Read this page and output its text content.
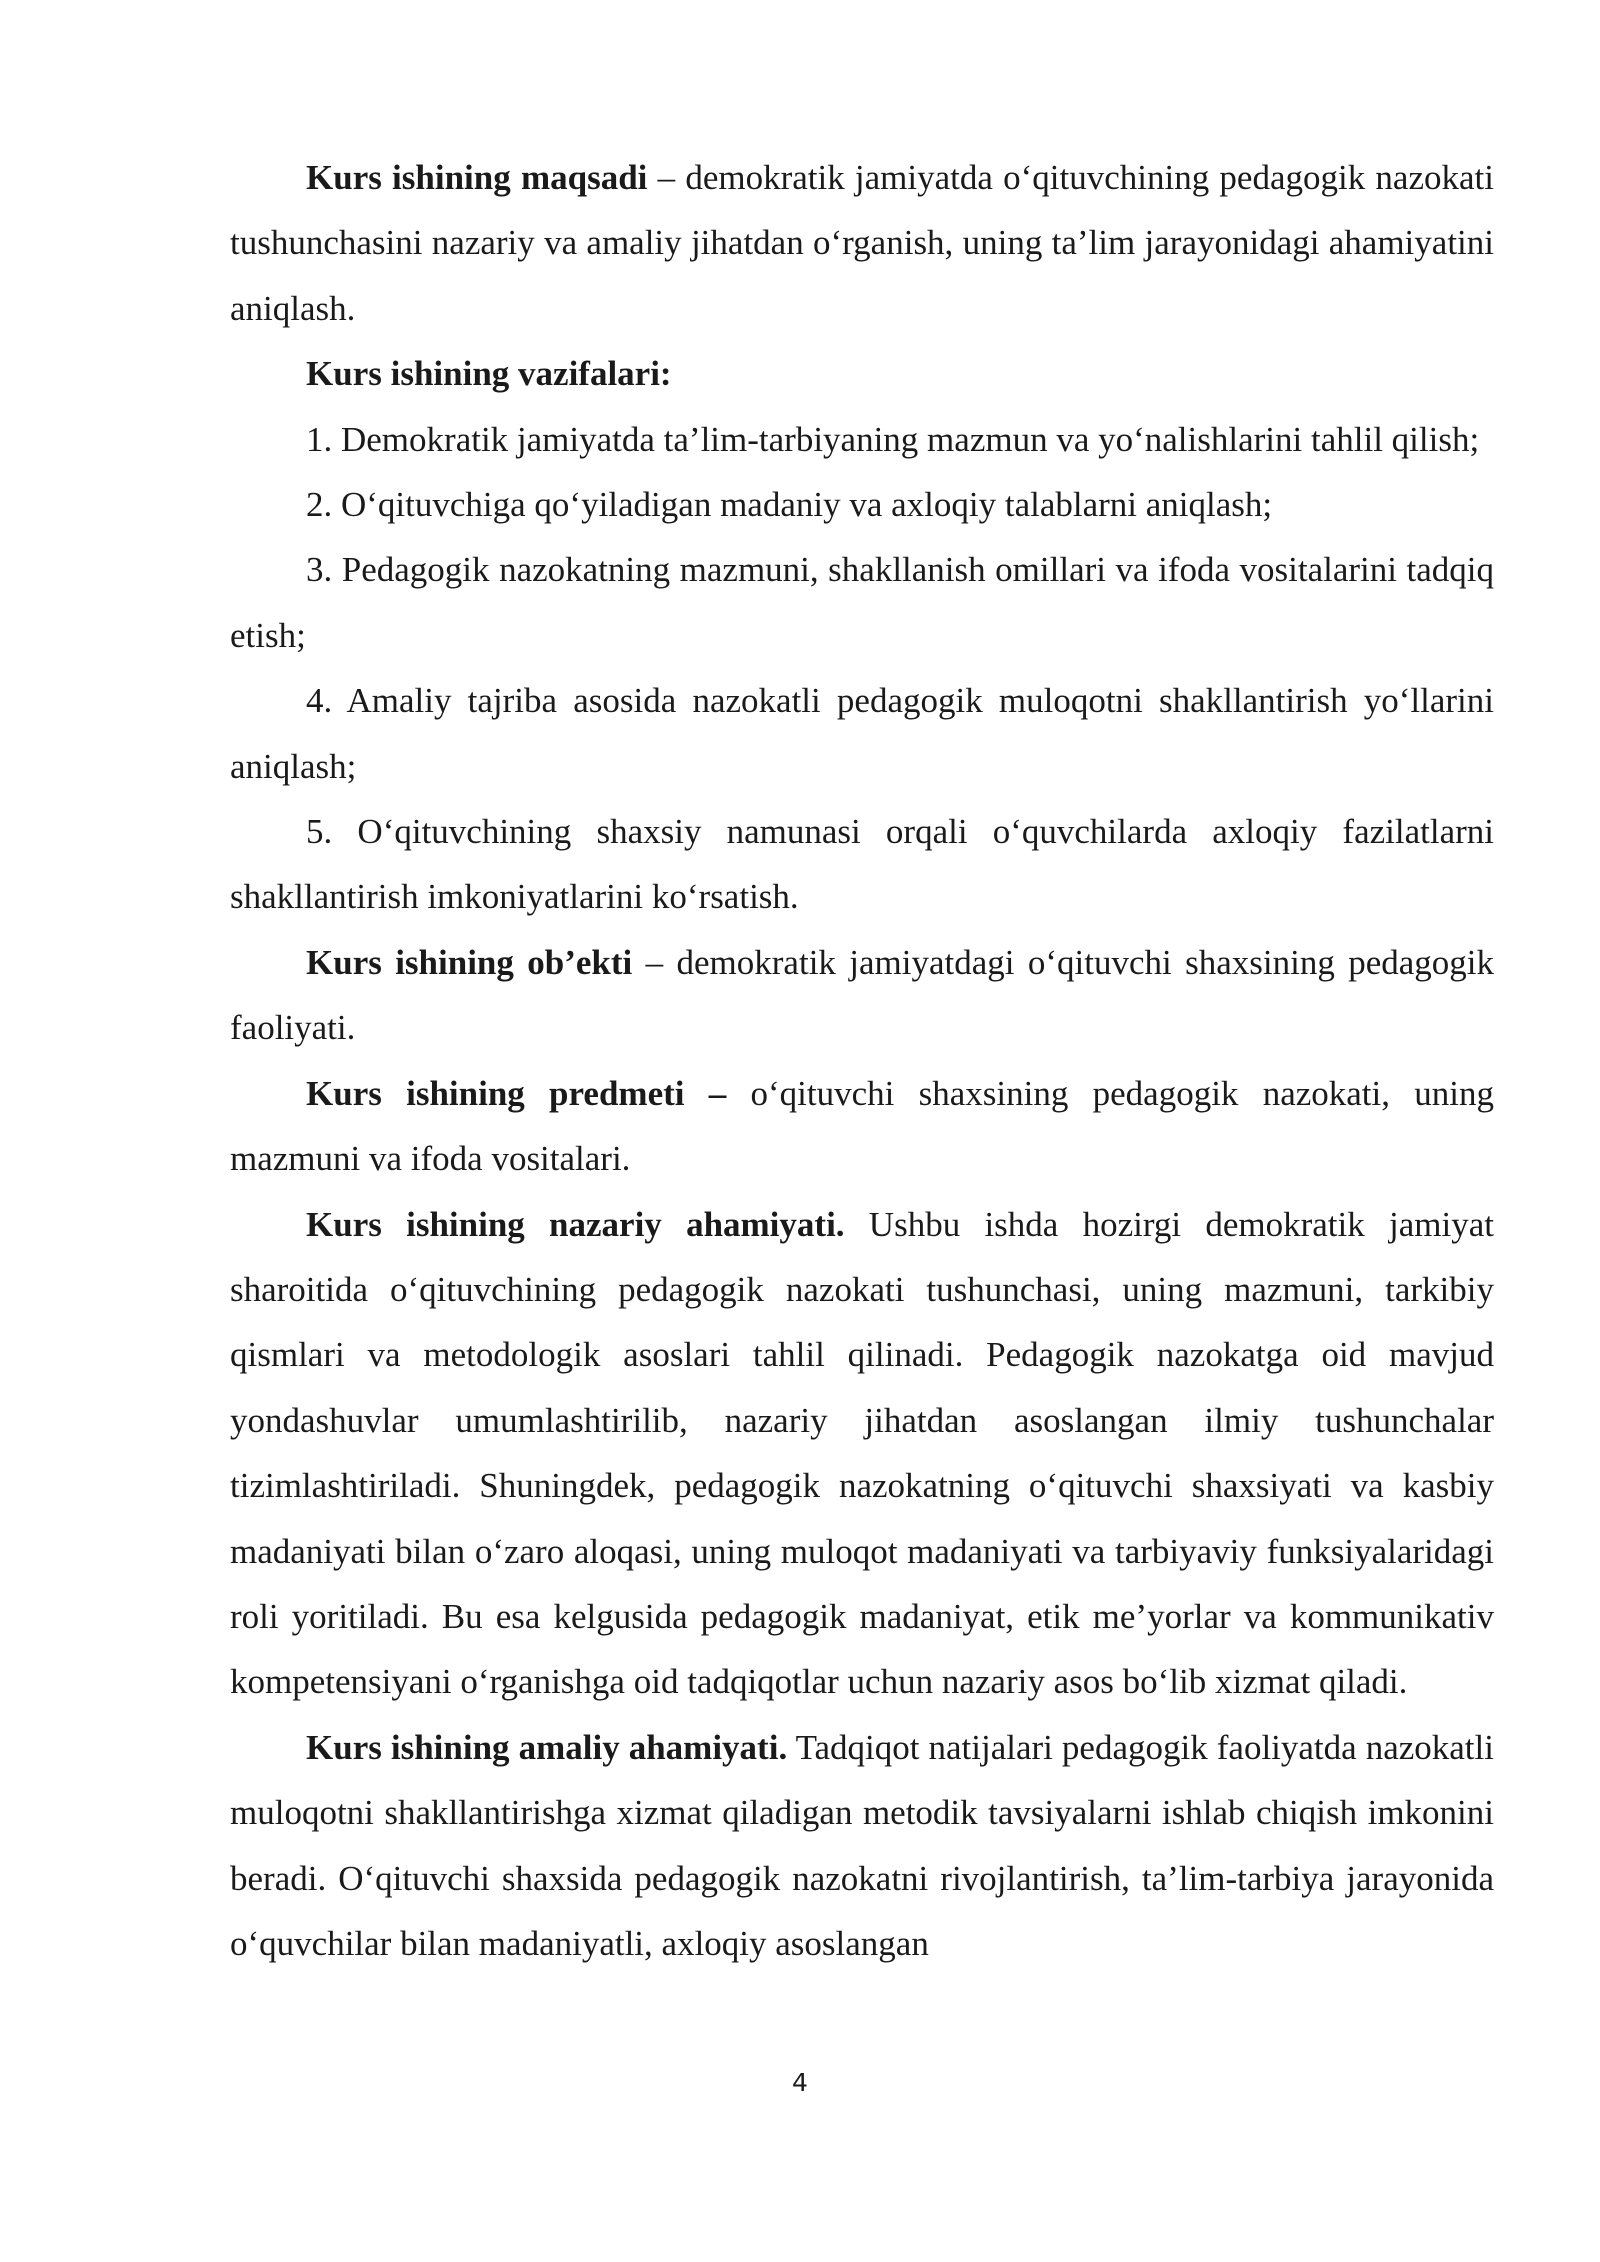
Kurs ishining maqsadi – demokratik jamiyatda o‘qituvchining pedagogik nazokati tushunchasini nazariy va amaliy jihatdan o‘rganish, uning ta’lim jarayonidagi ahamiyatini aniqlash.

Kurs ishining vazifalari:

1. Demokratik jamiyatda ta’lim-tarbiyaning mazmun va yo‘nalishlarini tahlil qilish;

2. O‘qituvchiga qo‘yiladigan madaniy va axloqiy talablarni aniqlash;

3. Pedagogik nazokatning mazmuni, shakllanish omillari va ifoda vositalarini tadqiq etish;

4. Amaliy tajriba asosida nazokatli pedagogik muloqotni shakllantirish yo‘llarini aniqlash;

5. O‘qituvchining shaxsiy namunasi orqali o‘quvchilarda axloqiy fazilatlarni shakllantirish imkoniyatlarini ko‘rsatish.

Kurs ishining ob’ekti – demokratik jamiyatdagi o‘qituvchi shaxsining pedagogik faoliyati.

Kurs ishining predmeti – o‘qituvchi shaxsining pedagogik nazokati, uning mazmuni va ifoda vositalari.

Kurs ishining nazariy ahamiyati. Ushbu ishda hozirgi demokratik jamiyat sharoitida o‘qituvchining pedagogik nazokati tushunchasi, uning mazmuni, tarkibiy qismlari va metodologik asoslari tahlil qilinadi. Pedagogik nazokatga oid mavjud yondashuvlar umumlashtirilib, nazariy jihatdan asoslangan ilmiy tushunchalar tizimlashtiriladi. Shuningdek, pedagogik nazokatning o‘qituvchi shaxsiyati va kasbiy madaniyati bilan o‘zaro aloqasi, uning muloqot madaniyati va tarbiyaviy funksiyalaridagi roli yoritiladi. Bu esa kelgusida pedagogik madaniyat, etik me’yorlar va kommunikativ kompetensiyani o‘rganishga oid tadqiqotlar uchun nazariy asos bo‘lib xizmat qiladi.

Kurs ishining amaliy ahamiyati. Tadqiqot natijalari pedagogik faoliyatda nazokatli muloqotni shakllantirishga xizmat qiladigan metodik tavsiyalarni ishlab chiqish imkonini beradi. O‘qituvchi shaxsida pedagogik nazokatni rivojlantirish, ta’lim-tarbiya jarayonida o‘quvchilar bilan madaniyatli, axloqiy asoslangan

4
